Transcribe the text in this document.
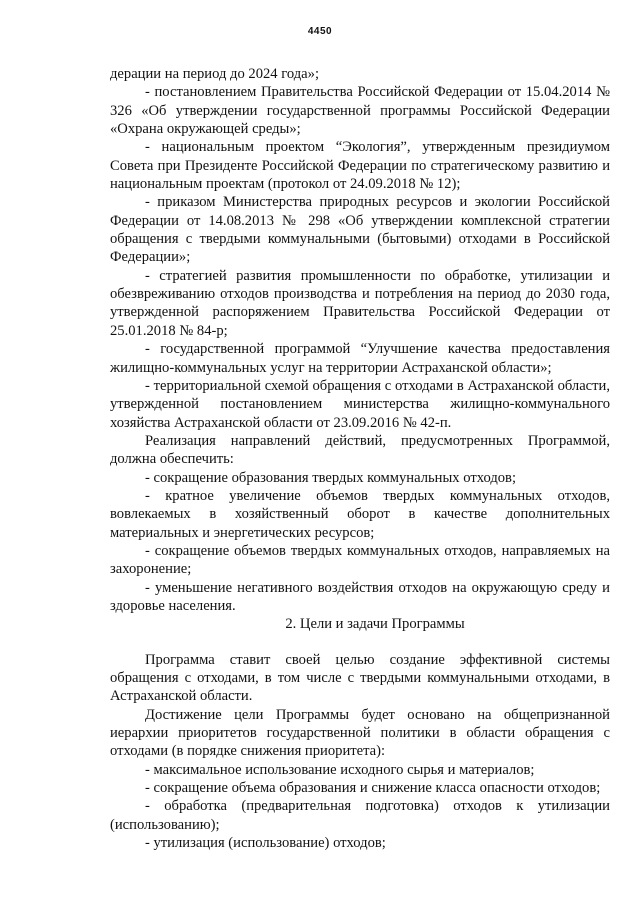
4450

дерации на период до 2024 года»;

- постановлением Правительства Российской Федерации от 15.04.2014 № 326 «Об утверждении государственной программы Российской Федерации «Охрана окружающей среды»;

- национальным проектом “Экология”, утвержденным президиумом Совета при Президенте Российской Федерации по стратегическому развитию и национальным проектам (протокол от 24.09.2018 № 12);

- приказом Министерства природных ресурсов и экологии Российской Федерации от 14.08.2013 № 298 «Об утверждении комплексной стратегии обращения с твердыми коммунальными (бытовыми) отходами в Российской Федерации»;

- стратегией развития промышленности по обработке, утилизации и обезвреживанию отходов производства и потребления на период до 2030 года, утвержденной распоряжением Правительства Российской Федерации от 25.01.2018 № 84-р;

- государственной программой “Улучшение качества предоставления жилищно-коммунальных услуг на территории Астраханской области»;

- территориальной схемой обращения с отходами в Астраханской области, утвержденной постановлением министерства жилищно-коммунального хозяйства Астраханской области от 23.09.2016 № 42-п.

Реализация направлений действий, предусмотренных Программой, должна обеспечить:

- сокращение образования твердых коммунальных отходов;

- кратное увеличение объемов твердых коммунальных отходов, вовлекаемых в хозяйственный оборот в качестве дополнительных материальных и энергетических ресурсов;

- сокращение объемов твердых коммунальных отходов, направляемых на захоронение;

- уменьшение негативного воздействия отходов на окружающую среду и здоровье населения.

2. Цели и задачи Программы

Программа ставит своей целью создание эффективной системы обращения с отходами, в том числе с твердыми коммунальными отходами, в Астраханской области.

Достижение цели Программы будет основано на общепризнанной иерархии приоритетов государственной политики в области обращения с отходами (в порядке снижения приоритета):

- максимальное использование исходного сырья и материалов;

- сокращение объема образования и снижение класса опасности отходов;

- обработка (предварительная подготовка) отходов к утилизации (использованию);

- утилизация (использование) отходов;
